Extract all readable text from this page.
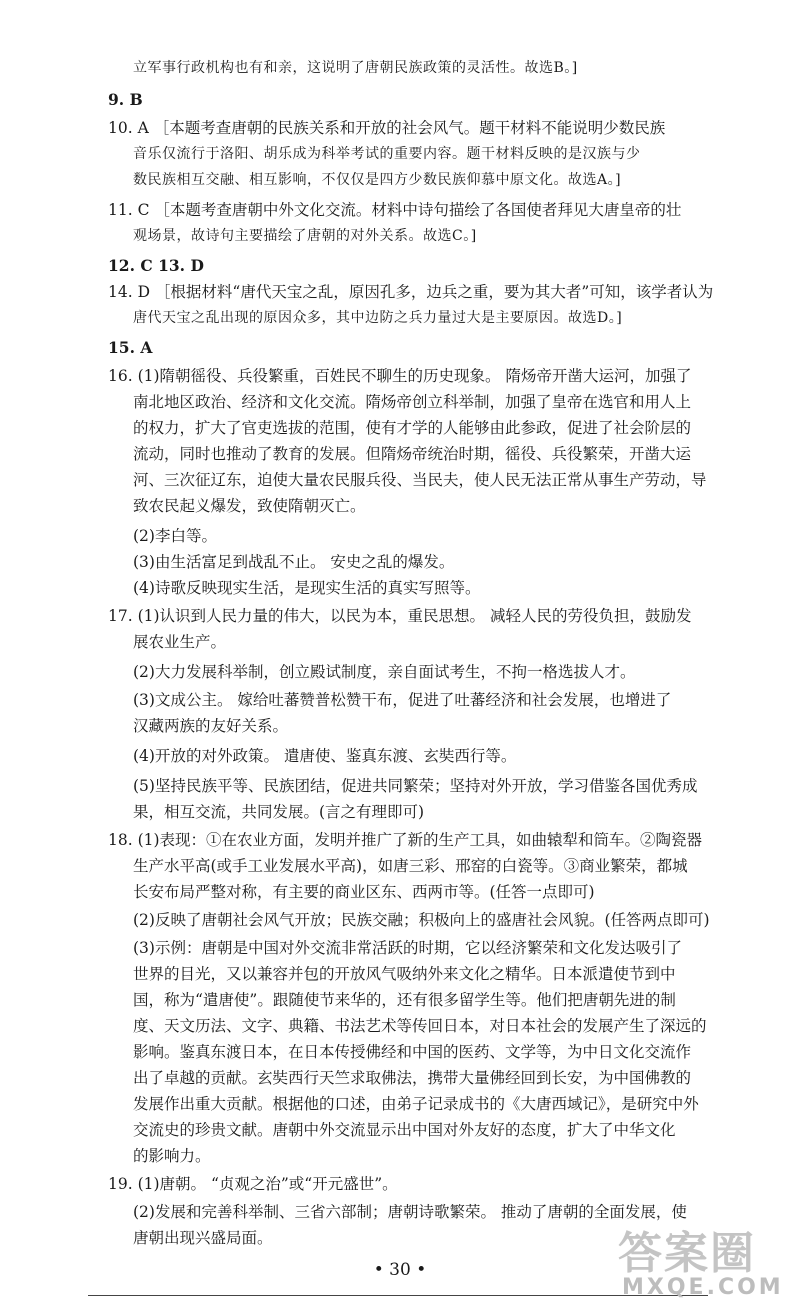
立军事行政机构也有和亲，这说明了唐朝民族政策的灵活性。故选B。]
9. B
10. A ［本题考查唐朝的民族关系和开放的社会风气。题干材料不能说明少数民族
音乐仅流行于洛阳、胡乐成为科举考试的重要内容。题干材料反映的是汉族与少
数民族相互交融、相互影响，不仅仅是四方少数民族仰慕中原文化。故选A。]
11. C ［本题考查唐朝中外文化交流。材料中诗句描绘了各国使者拜见大唐皇帝的壮
观场景，故诗句主要描绘了唐朝的对外关系。故选C。]
12. C 13. D
14. D ［根据材料“唐代天宝之乱，原因孔多，边兵之重，要为其大者”可知，该学者认为
唐代天宝之乱出现的原因众多，其中边防之兵力量过大是主要原因。故选D。]
15. A
16. (1)隋朝徭役、兵役繁重，百姓民不聊生的历史现象。 隋炀帝开凿大运河，加强了
南北地区政治、经济和文化交流。隋炀帝创立科举制，加强了皇帝在选官和用人上
的权力，扩大了官吏选拔的范围，使有才学的人能够由此参政，促进了社会阶层的
流动，同时也推动了教育的发展。但隋炀帝统治时期，徭役、兵役繁荣，开凿大运
河、三次征辽东，迫使大量农民服兵役、当民夫，使人民无法正常从事生产劳动，导
致农民起义爆发，致使隋朝灭亡。
(2)李白等。
(3)由生活富足到战乱不止。 安史之乱的爆发。
(4)诗歌反映现实生活，是现实生活的真实写照等。
17. (1)认识到人民力量的伟大，以民为本，重民思想。 减轻人民的劳役负担，鼓励发
展农业生产。
(2)大力发展科举制，创立殿试制度，亲自面试考生，不拘一格选拔人才。
(3)文成公主。 嫁给吐蕃赞普松赞干布，促进了吐蕃经济和社会发展，也增进了
汉藏两族的友好关系。
(4)开放的对外政策。 遣唐使、鉴真东渡、玄奘西行等。
(5)坚持民族平等、民族团结，促进共同繁荣；坚持对外开放，学习借鉴各国优秀成
果，相互交流，共同发展。(言之有理即可)
18. (1)表现：①在农业方面，发明并推广了新的生产工具，如曲辕犁和筒车。②陶瓷器
生产水平高(或手工业发展水平高)，如唐三彩、邢窑的白瓷等。③商业繁荣，都城
长安布局严整对称，有主要的商业区东、西两市等。(任答一点即可)
(2)反映了唐朝社会风气开放；民族交融；积极向上的盛唐社会风貌。(任答两点即可)
(3)示例：唐朝是中国对外交流非常活跃的时期，它以经济繁荣和文化发达吸引了
世界的目光，又以兼容并包的开放风气吸纳外来文化之精华。日本派遣使节到中
国，称为“遣唐使”。跟随使节来华的，还有很多留学生等。他们把唐朝先进的制
度、天文历法、文字、典籍、书法艺术等传回日本，对日本社会的发展产生了深远的
影响。鉴真东渡日本，在日本传授佛经和中国的医药、文学等，为中日文化交流作
出了卓越的贡献。玄奘西行天竺求取佛法，携带大量佛经回到长安，为中国佛教的
发展作出重大贡献。根据他的口述，由弟子记录成书的《大唐西域记》，是研究中外
交流史的珍贵文献。唐朝中外交流显示出中国对外友好的态度，扩大了中华文化
的影响力。
19. (1)唐朝。 “贞观之治”或“开元盛世”。
(2)发展和完善科举制、三省六部制；唐朝诗歌繁荣。 推动了唐朝的全面发展，使
唐朝出现兴盛局面。
• 30 •	答案圈
MXQE.COM
